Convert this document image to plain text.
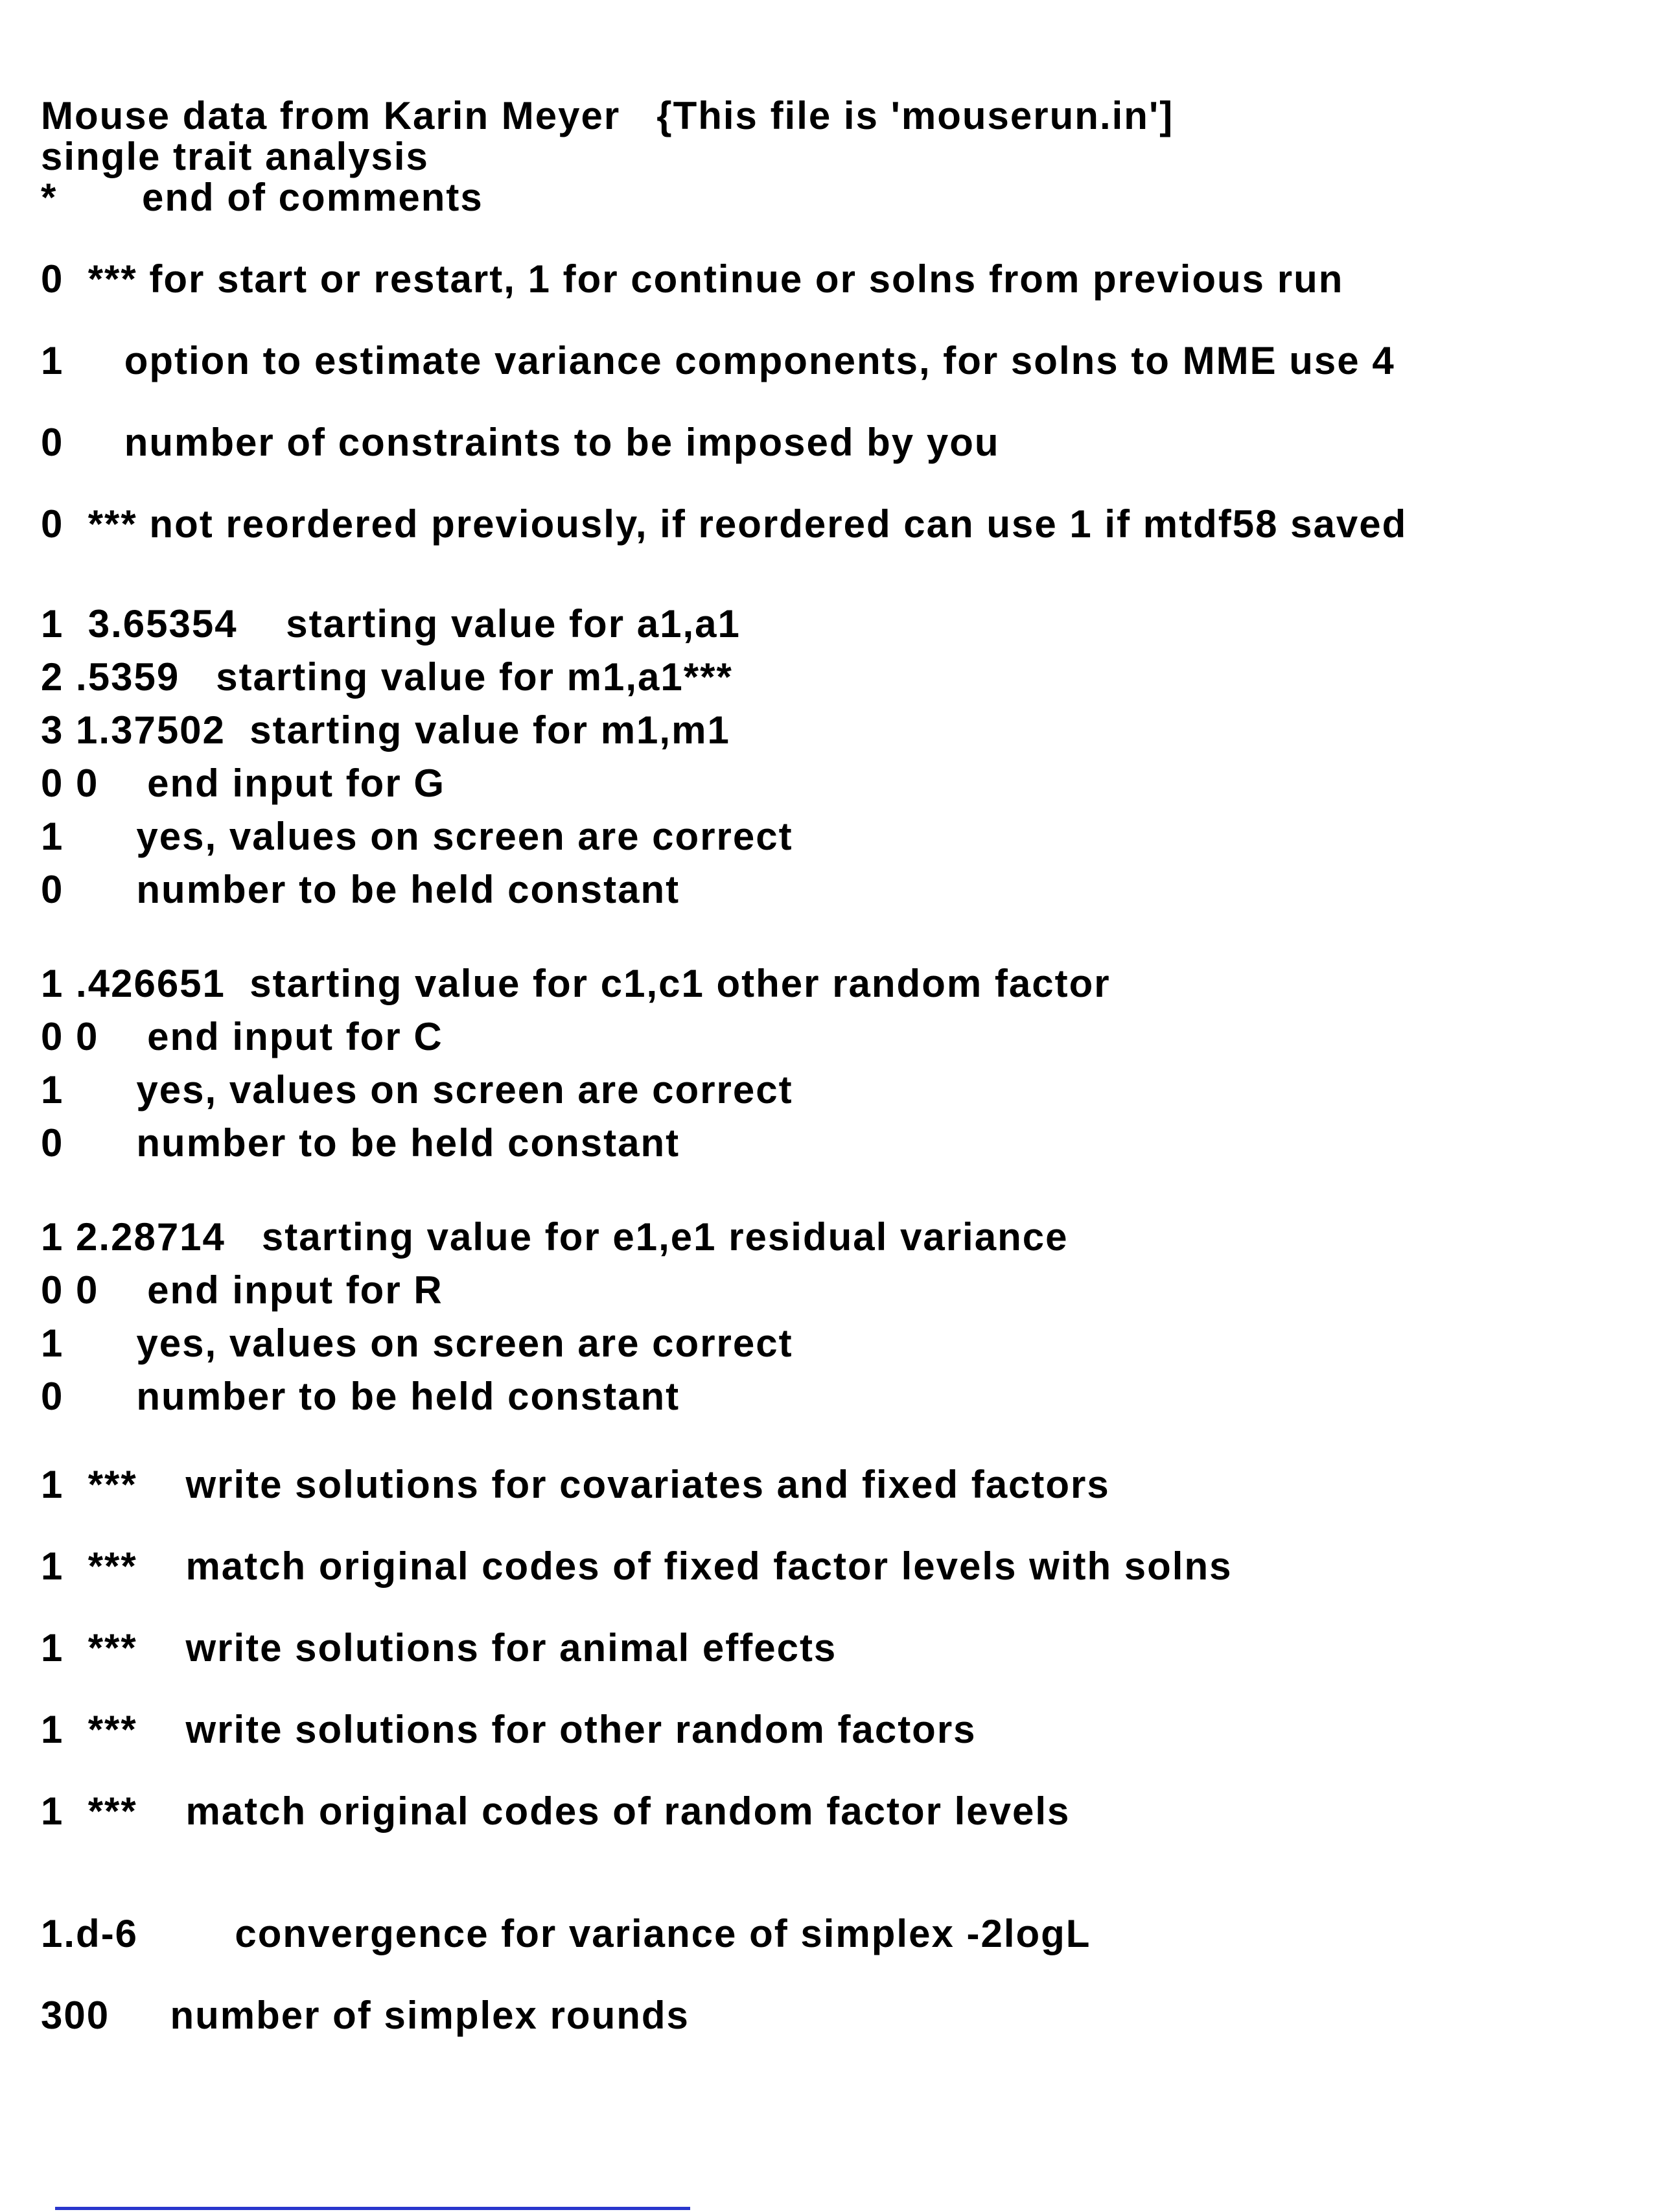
Mouse data from Karin Meyer   {This file is 'mouserun.in']
single trait analysis
*       end of comments
0  *** for start or restart, 1 for continue or solns from previous run
1     option to estimate variance components, for solns to MME use 4
0     number of constraints to be imposed by you
0  *** not reordered previously, if reordered can use 1 if mtdf58 saved
1  3.65354    starting value for a1,a1
2 .5359   starting value for m1,a1***
3 1.37502  starting value for m1,m1
0 0    end input for G
1      yes, values on screen are correct
0      number to be held constant
1 .426651  starting value for c1,c1 other random factor
0 0    end input for C
1      yes, values on screen are correct
0      number to be held constant
1 2.28714   starting value for e1,e1 residual variance
0 0    end input for R
1      yes, values on screen are correct
0      number to be held constant
1  ***    write solutions for covariates and fixed factors
1  ***    match original codes of fixed factor levels with solns
1  ***    write solutions for animal effects
1  ***    write solutions for other random factors
1  ***    match original codes of random factor levels
1.d-6        convergence for variance of simplex -2logL
300     number of simplex rounds
